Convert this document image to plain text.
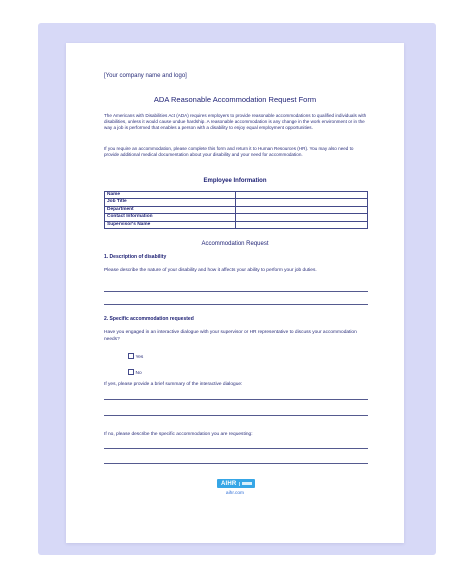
[Your company name and logo]
ADA Reasonable Accommodation Request Form
The Americans with Disabilities Act (ADA) requires employers to provide reasonable accommodations to qualified individuals with disabilities, unless it would cause undue hardship. A reasonable accommodation is any change in the work environment or in the way a job is performed that enables a person with a disability to enjoy equal employment opportunities.
If you require an accommodation, please complete this form and return it to Human Resources (HR). You may also need to provide additional medical documentation about your disability and your need for accommodation.
Employee Information
Name	
Job Title	
Department	
Contact Information	
Supervisor's Name	
Accommodation Request
1. Description of disability
Please describe the nature of your disability and how it affects your ability to perform your job duties.
2. Specific accommodation requested
Have you engaged in an interactive dialogue with your supervisor or HR representative to discuss your accommodation needs?
Yes
No
If yes, please provide a brief summary of the interactive dialogue:
If no, please describe the specific accommodation you are requesting:
AIHR
aihr.com
